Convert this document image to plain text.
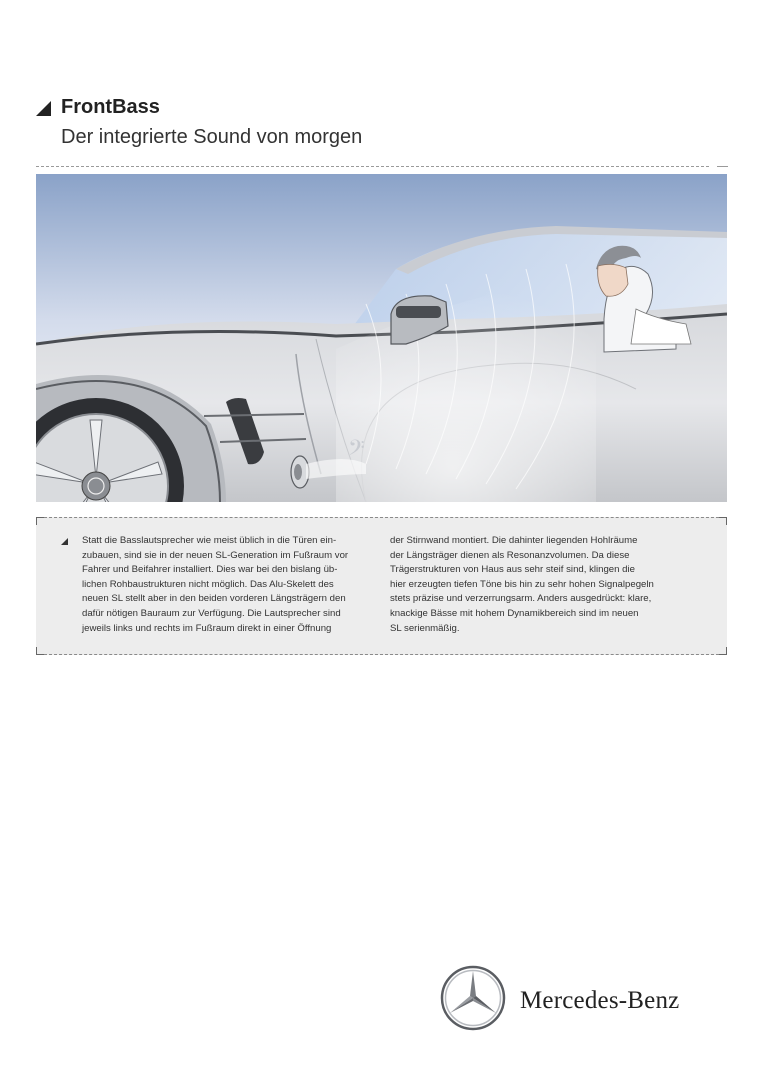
FrontBass
Der integrierte Sound von morgen
𝄢

Statt die Basslautsprecher wie meist üblich in die Türen ein-

zubauen, sind sie in der neuen SL-Generation im Fußraum vor

Fahrer und Beifahrer installiert. Dies war bei den bislang üb-

lichen Rohbaustrukturen nicht möglich. Das Alu-Skelett des

neuen SL stellt aber in den beiden vorderen Längsträgern den

dafür nötigen Bauraum zur Verfügung. Die Lautsprecher sind

jeweils links und rechts im Fußraum direkt in einer Öffnung

der Stirnwand montiert. Die dahinter liegenden Hohlräume

der Längsträger dienen als Resonanzvolumen. Da diese

Trägerstrukturen von Haus aus sehr steif sind, klingen die

hier erzeugten tiefen Töne bis hin zu sehr hohen Signalpegeln

stets präzise und verzerrungsarm. Anders ausgedrückt: klare,

knackige Bässe mit hohem Dynamikbereich sind im neuen

SL serienmäßig.

Mercedes-Benz
